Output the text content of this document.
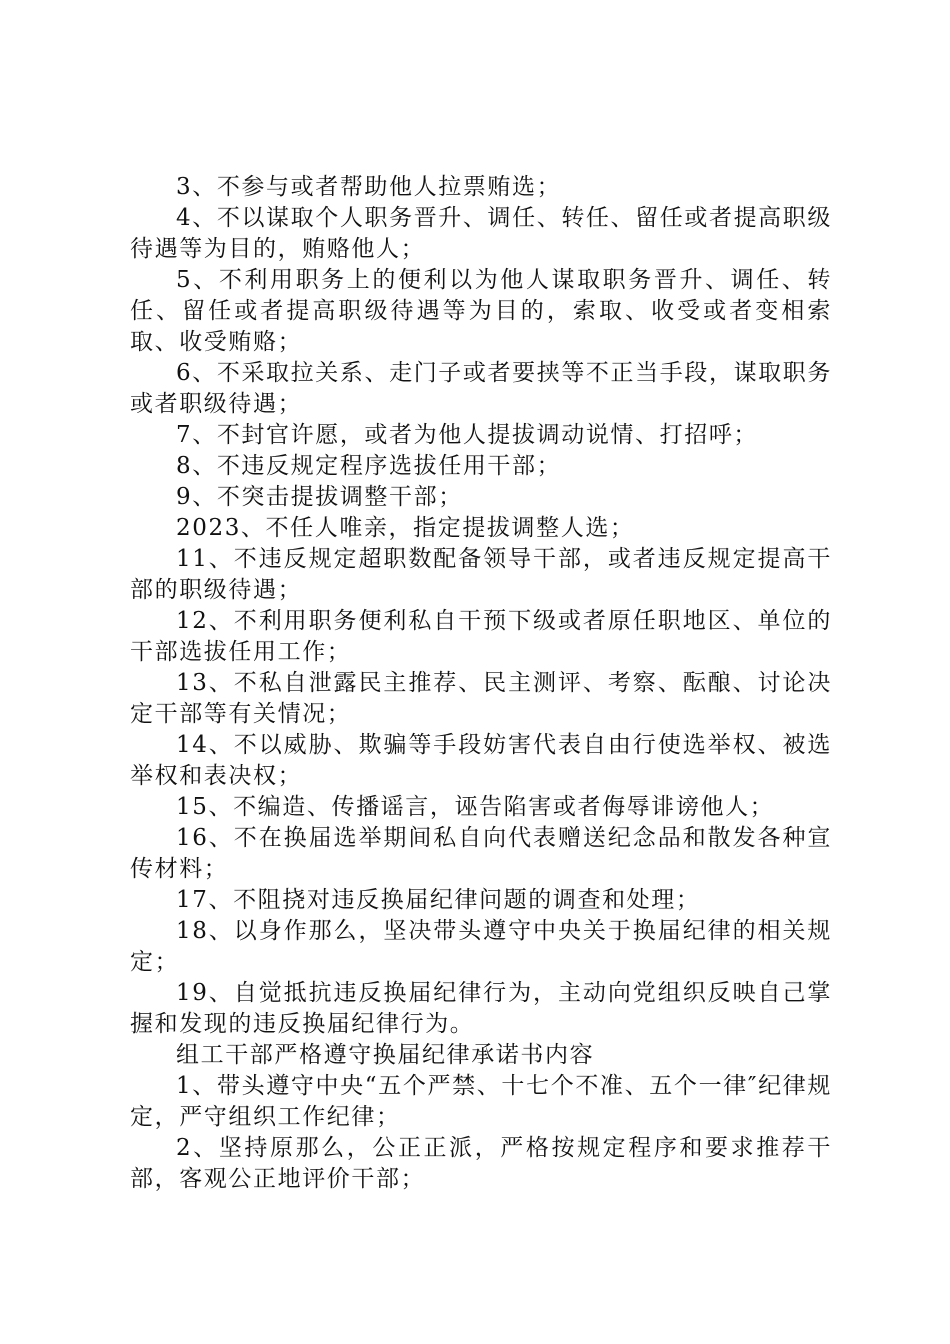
3、不参与或者帮助他人拉票贿选；

4、不以谋取个人职务晋升、调任、转任、留任或者提高职级待遇等为目的，贿赂他人；

5、不利用职务上的便利以为他人谋取职务晋升、调任、转任、留任或者提高职级待遇等为目的，索取、收受或者变相索取、收受贿赂；

6、不采取拉关系、走门子或者要挟等不正当手段，谋取职务或者职级待遇；

7、不封官许愿，或者为他人提拔调动说情、打招呼；

8、不违反规定程序选拔任用干部；

9、不突击提拔调整干部；

2023、不任人唯亲，指定提拔调整人选；

11、不违反规定超职数配备领导干部，或者违反规定提高干部的职级待遇；

12、不利用职务便利私自干预下级或者原任职地区、单位的干部选拔任用工作；

13、不私自泄露民主推荐、民主测评、考察、酝酿、讨论决定干部等有关情况；

14、不以威胁、欺骗等手段妨害代表自由行使选举权、被选举权和表决权；

15、不编造、传播谣言，诬告陷害或者侮辱诽谤他人；

16、不在换届选举期间私自向代表赠送纪念品和散发各种宣传材料；

17、不阻挠对违反换届纪律问题的调查和处理；

18、以身作那么，坚决带头遵守中央关于换届纪律的相关规定；

19、自觉抵抗违反换届纪律行为，主动向党组织反映自己掌握和发现的违反换届纪律行为。

组工干部严格遵守换届纪律承诺书内容

1、带头遵守中央“五个严禁、十七个不准、五个一律″纪律规定，严守组织工作纪律；

2、坚持原那么，公正正派，严格按规定程序和要求推荐干部，客观公正地评价干部；
